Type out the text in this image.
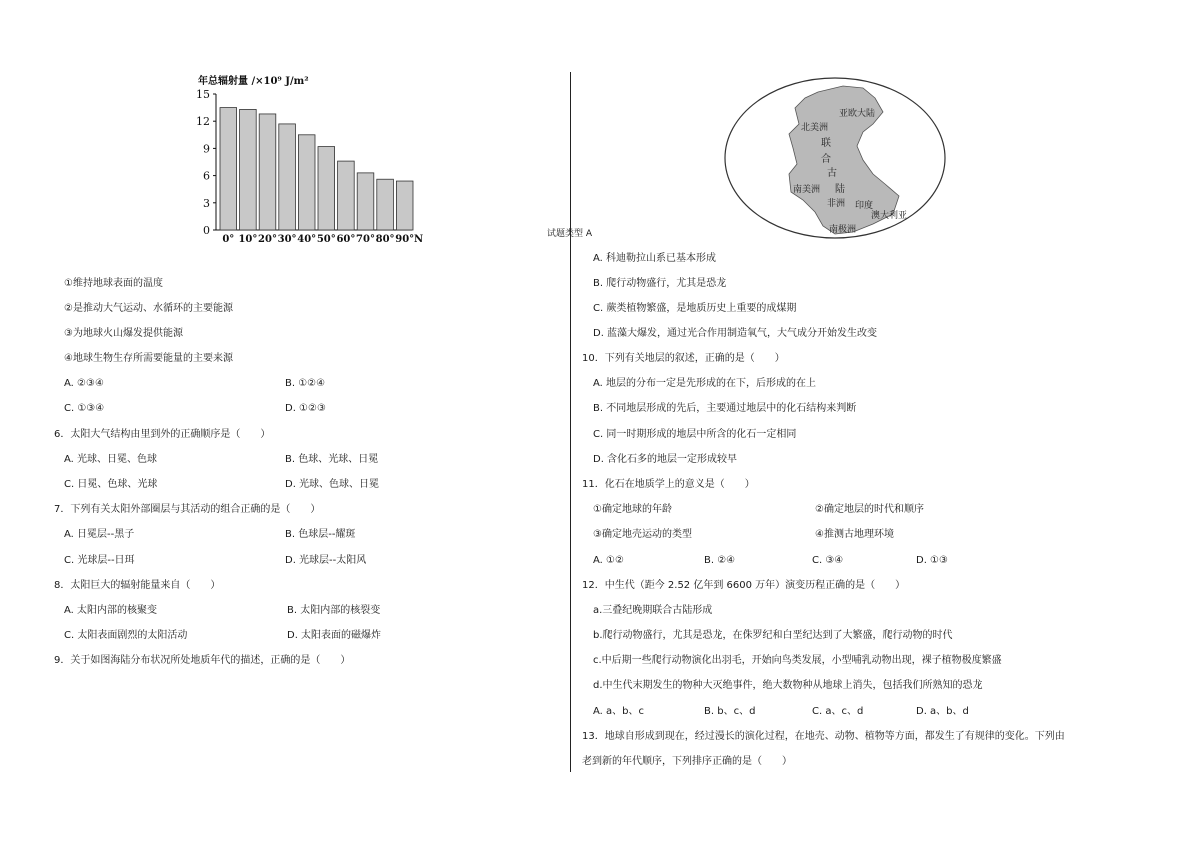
年总辐射量 /×10⁹ J/m²
0
3
6
9
12
15
0° 10° 20° 30° 40° 50° 60° 70° 80° 90° N
①维持地球表面的温度
②是推动大气运动、水循环的主要能源
③为地球火山爆发提供能源
④地球生物生存所需要能量的主要来源
A. ②③④	B. ①②④
C. ①③④	D. ①②③
6．太阳大气结构由里到外的正确顺序是（　　）
A. 光球、日冕、色球	B. 色球、光球、日冕
C. 日冕、色球、光球	D. 光球、色球、日冕
7．下列有关太阳外部圈层与其活动的组合正确的是（　　）
A. 日冕层--黑子	B. 色球层--耀斑
C. 光球层--日珥	D. 光球层--太阳风
8．太阳巨大的辐射能量来自（　　）
A. 太阳内部的核聚变	B. 太阳内部的核裂变
C. 太阳表面剧烈的太阳活动	D. 太阳表面的磁爆炸
9．关于如图海陆分布状况所处地质年代的描述，正确的是（　　）
亚欧大陆
北美洲
联
合
古
陆
南美洲
非洲 印度
澳大利亚
南极洲
试题类型 A
A. 科迪勒拉山系已基本形成
B. 爬行动物盛行，尤其是恐龙
C. 蕨类植物繁盛，是地质历史上重要的成煤期
D. 蓝藻大爆发，通过光合作用制造氧气，大气成分开始发生改变
10．下列有关地层的叙述，正确的是（　　）
A. 地层的分布一定是先形成的在下，后形成的在上
B. 不同地层形成的先后，主要通过地层中的化石结构来判断
C. 同一时期形成的地层中所含的化石一定相同
D. 含化石多的地层一定形成较早
11．化石在地质学上的意义是（　　）
①确定地球的年龄	②确定地层的时代和顺序
③确定地壳运动的类型	④推测古地理环境
A. ①②	B. ②④	C. ③④	D. ①③
12．中生代（距今 2.52 亿年到 6600 万年）演变历程正确的是（　　）
a.三叠纪晚期联合古陆形成
b.爬行动物盛行，尤其是恐龙，在侏罗纪和白垩纪达到了大繁盛，爬行动物的时代
c.中后期一些爬行动物演化出羽毛，开始向鸟类发展，小型哺乳动物出现，裸子植物极度繁盛
d.中生代末期发生的物种大灭绝事件，绝大数物种从地球上消失，包括我们所熟知的恐龙
A. a、b、c	B. b、c、d	C. a、c、d	D. a、b、d
13．地球自形成到现在，经过漫长的演化过程，在地壳、动物、植物等方面，都发生了有规律的变化。下列由
老到新的年代顺序，下列排序正确的是（　　）
